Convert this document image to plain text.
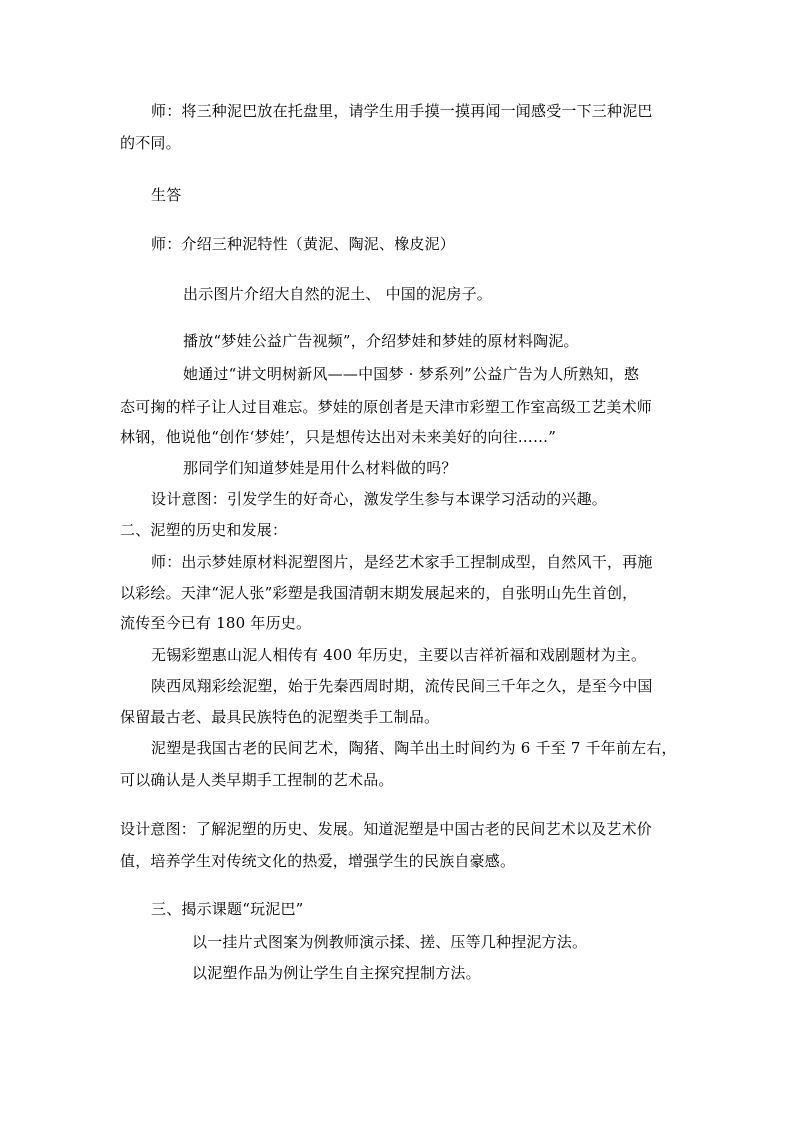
师：将三种泥巴放在托盘里，请学生用手摸一摸再闻一闻感受一下三种泥巴
的不同。
生答
师：介绍三种泥特性（黄泥、陶泥、橡皮泥）
出示图片介绍大自然的泥土、 中国的泥房子。
播放“梦娃公益广告视频”，介绍梦娃和梦娃的原材料陶泥。
她通过“讲文明树新风——中国梦 · 梦系列”公益广告为人所熟知，憨
态可掬的样子让人过目难忘。梦娃的原创者是天津市彩塑工作室高级工艺美术师
林钢，他说他“创作‘梦娃’，只是想传达出对未来美好的向往……”
那同学们知道梦娃是用什么材料做的吗？
设计意图：引发学生的好奇心，激发学生参与本课学习活动的兴趣。
二、泥塑的历史和发展：
师：出示梦娃原材料泥塑图片，是经艺术家手工捏制成型，自然风干，再施
以彩绘。天津“泥人张”彩塑是我国清朝末期发展起来的，自张明山先生首创，
流传至今已有 180 年历史。
无锡彩塑惠山泥人相传有 400 年历史，主要以吉祥祈福和戏剧题材为主。
陕西凤翔彩绘泥塑，始于先秦西周时期，流传民间三千年之久，是至今中国
保留最古老、最具民族特色的泥塑类手工制品。
泥塑是我国古老的民间艺术，陶猪、陶羊出土时间约为 6 千至 7 千年前左右，
可以确认是人类早期手工捏制的艺术品。
设计意图：了解泥塑的历史、发展。知道泥塑是中国古老的民间艺术以及艺术价
值，培养学生对传统文化的热爱，增强学生的民族自豪感。
三、揭示课题“玩泥巴”
以一挂片式图案为例教师演示揉、搓、压等几种捏泥方法。
以泥塑作品为例让学生自主探究捏制方法。
